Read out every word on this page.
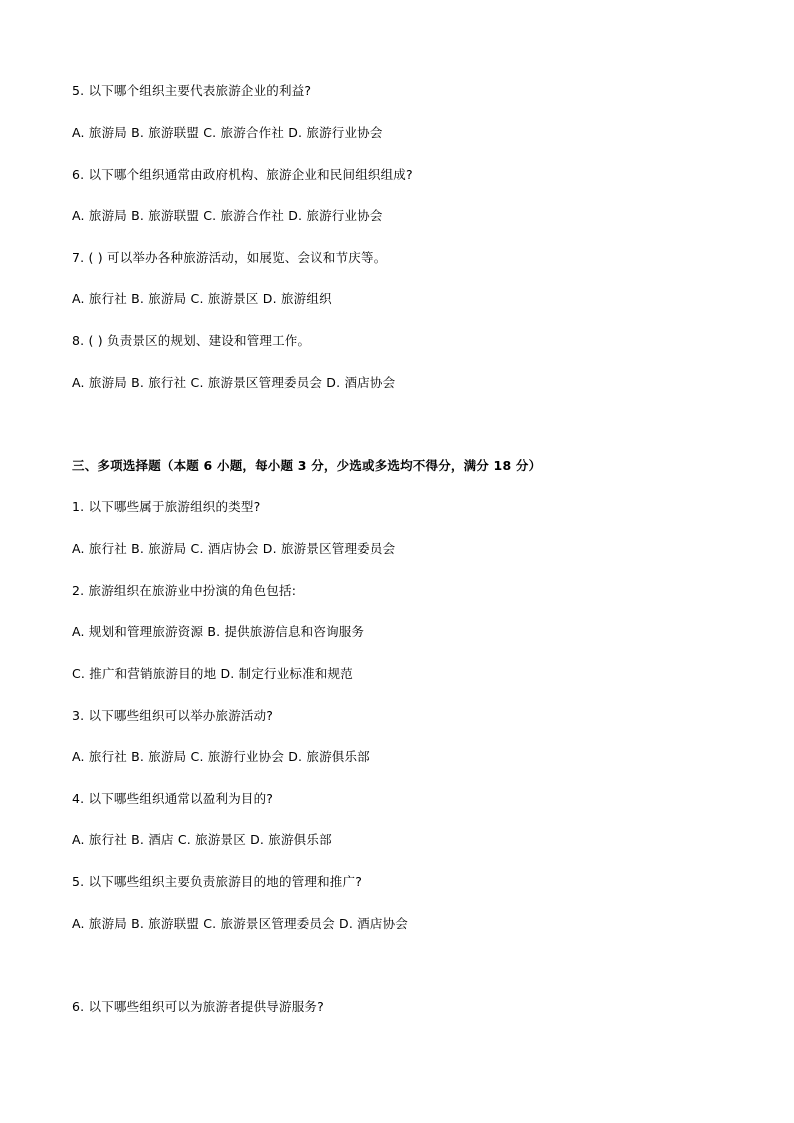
5. 以下哪个组织主要代表旅游企业的利益?
A. 旅游局 B. 旅游联盟 C. 旅游合作社 D. 旅游行业协会
6. 以下哪个组织通常由政府机构、旅游企业和民间组织组成?
A. 旅游局 B. 旅游联盟 C. 旅游合作社 D. 旅游行业协会
7. ( ) 可以举办各种旅游活动，如展览、会议和节庆等。
A. 旅行社 B. 旅游局 C. 旅游景区 D. 旅游组织
8. ( ) 负责景区的规划、建设和管理工作。
A. 旅游局 B. 旅行社 C. 旅游景区管理委员会 D. 酒店协会
三、多项选择题（本题 6 小题，每小题 3 分，少选或多选均不得分，满分 18 分）
1. 以下哪些属于旅游组织的类型?
A. 旅行社 B. 旅游局 C. 酒店协会 D. 旅游景区管理委员会
2. 旅游组织在旅游业中扮演的角色包括:
A. 规划和管理旅游资源 B. 提供旅游信息和咨询服务
C. 推广和营销旅游目的地 D. 制定行业标准和规范
3. 以下哪些组织可以举办旅游活动?
A. 旅行社 B. 旅游局 C. 旅游行业协会 D. 旅游俱乐部
4. 以下哪些组织通常以盈利为目的?
A. 旅行社 B. 酒店 C. 旅游景区 D. 旅游俱乐部
5. 以下哪些组织主要负责旅游目的地的管理和推广?
A. 旅游局 B. 旅游联盟 C. 旅游景区管理委员会 D. 酒店协会
6. 以下哪些组织可以为旅游者提供导游服务?
